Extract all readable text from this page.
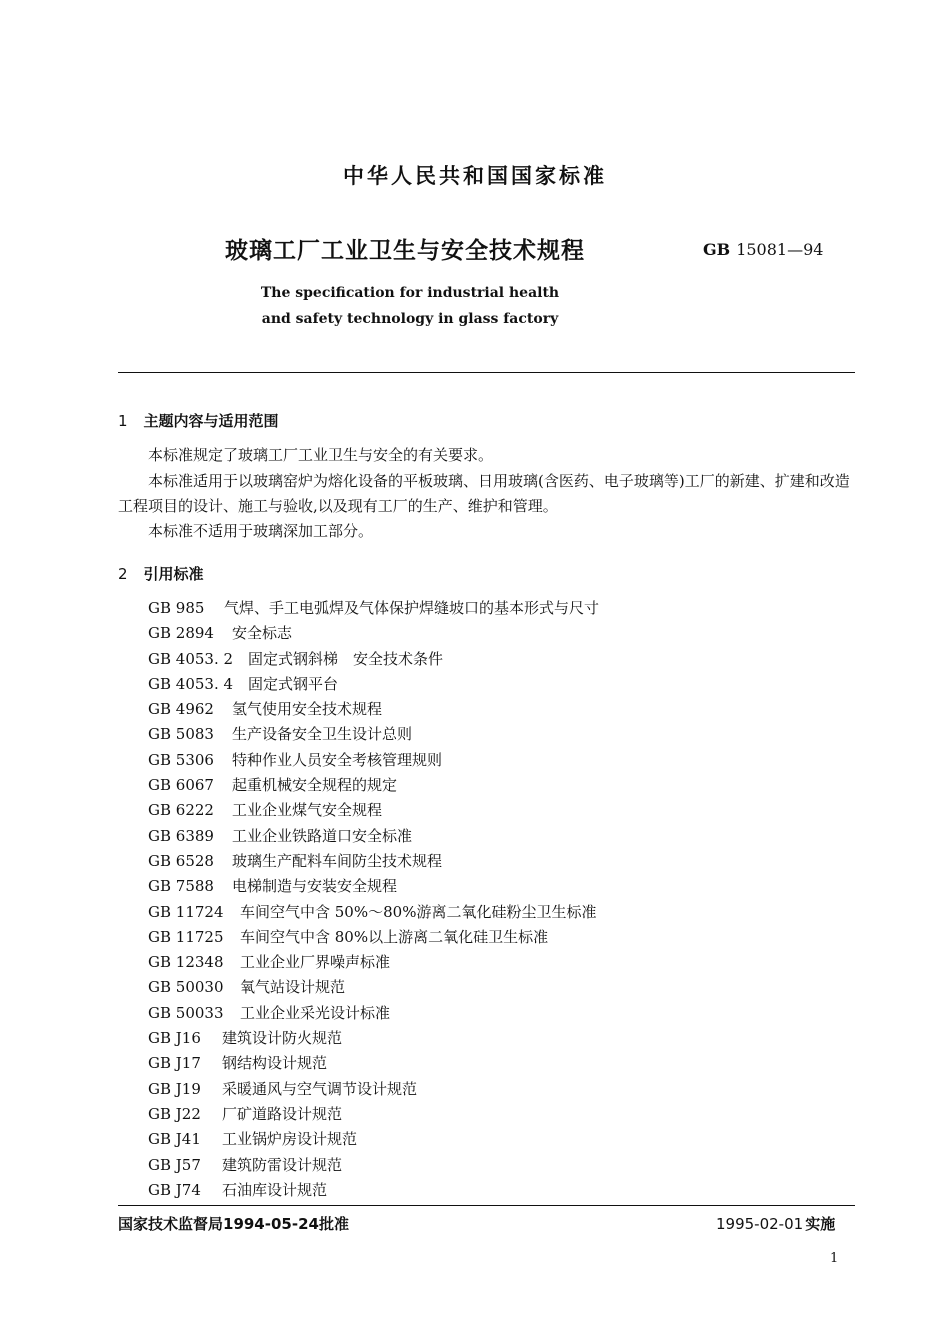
中华人民共和国国家标准
玻璃工厂工业卫生与安全技术规程	GB 15081—94
The specification for industrial health
and safety technology in glass factory
1 主题内容与适用范围
本标准规定了玻璃工厂工业卫生与安全的有关要求。
本标准适用于以玻璃窑炉为熔化设备的平板玻璃、日用玻璃(含医药、电子玻璃等)工厂的新建、扩建和改造工程项目的设计、施工与验收,以及现有工厂的生产、维护和管理。
本标准不适用于玻璃深加工部分。
2 引用标准
GB 985 气焊、手工电弧焊及气体保护焊缝坡口的基本形式与尺寸
GB 2894 安全标志
GB 4053. 2 固定式钢斜梯　安全技术条件
GB 4053. 4 固定式钢平台
GB 4962 氢气使用安全技术规程
GB 5083 生产设备安全卫生设计总则
GB 5306 特种作业人员安全考核管理规则
GB 6067 起重机械安全规程的规定
GB 6222 工业企业煤气安全规程
GB 6389 工业企业铁路道口安全标准
GB 6528 玻璃生产配料车间防尘技术规程
GB 7588 电梯制造与安装安全规程
GB 11724 车间空气中含 50%～80%游离二氧化硅粉尘卫生标准
GB 11725 车间空气中含 80%以上游离二氧化硅卫生标准
GB 12348 工业企业厂界噪声标准
GB 50030 氧气站设计规范
GB 50033 工业企业采光设计标准
GB J16 建筑设计防火规范
GB J17 钢结构设计规范
GB J19 采暖通风与空气调节设计规范
GB J22 厂矿道路设计规范
GB J41 工业锅炉房设计规范
GB J57 建筑防雷设计规范
GB J74 石油库设计规范
国家技术监督局1994-05-24批准	1995-02-01 实施
1
